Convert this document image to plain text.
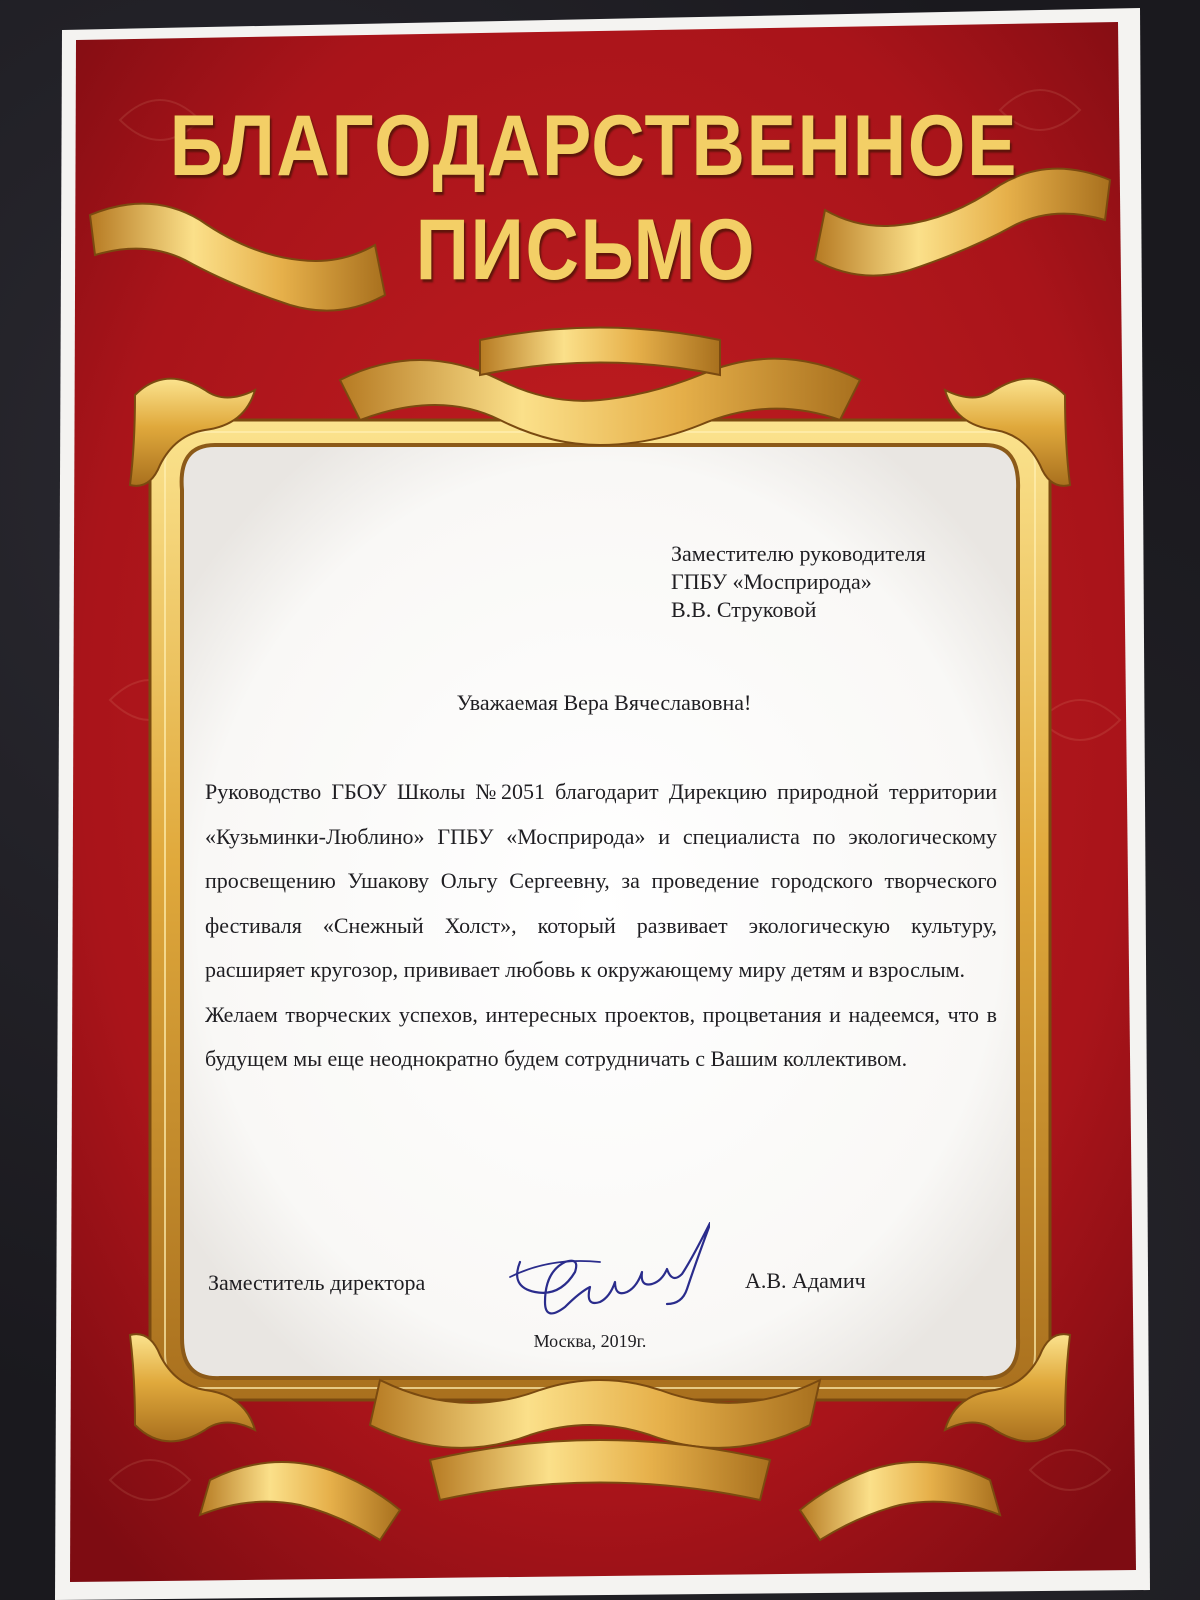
БЛАГОДАРСТВЕННОЕ
ПИСЬМО
Заместителю руководителя
ГПБУ «Мосприрода»
В.В. Струковой
Уважаемая Вера Вячеславовна!

Руководство ГБОУ Школы №2051 благодарит Дирекцию природной территории «Кузьминки-Люблино» ГПБУ «Мосприрода» и специалиста по экологическому просвещению Ушакову Ольгу Сергеевну, за проведение городского творческого фестиваля «Снежный Холст», который развивает экологическую культуру, расширяет кругозор, прививает любовь к окружающему миру детям и взрослым.

Желаем творческих успехов, интересных проектов, процветания и надеемся, что в будущем мы еще неоднократно будем сотрудничать с Вашим коллективом.

Заместитель директора	А.В. Адамич
Москва, 2019г.
